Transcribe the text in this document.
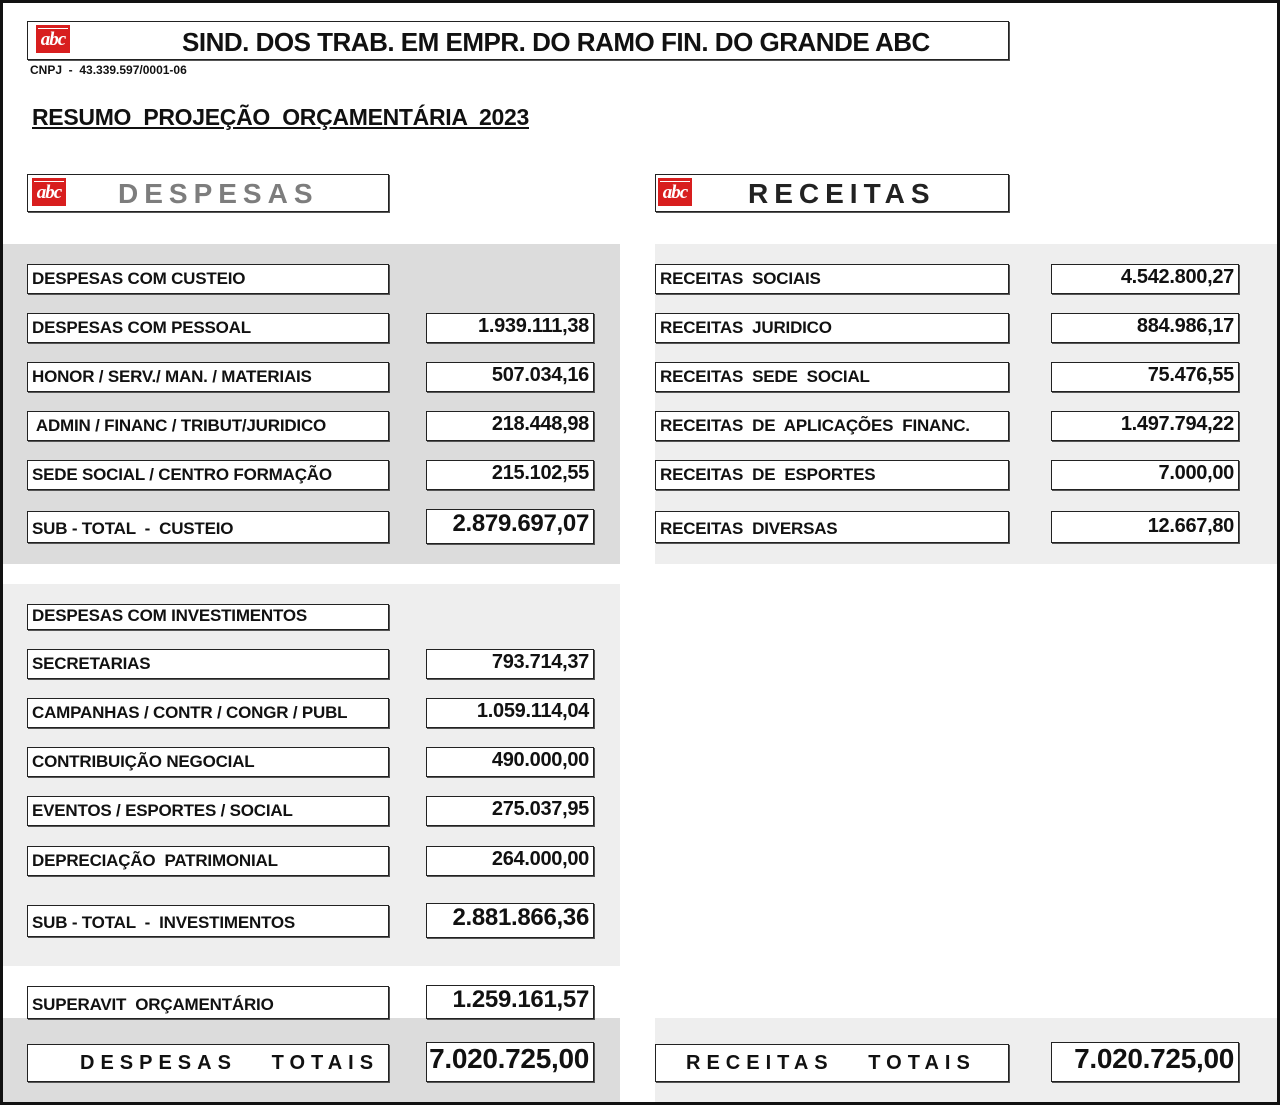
abc	SIND. DOS TRAB. EM EMPR. DO RAMO FIN. DO GRANDE ABC
CNPJ  -  43.339.597/0001-06
RESUMO  PROJEÇÃO  ORÇAMENTÁRIA  2023
abc DESPESAS	abc RECEITAS
DESPESAS COM CUSTEIO
DESPESAS COM PESSOAL	1.939.111,38
HONOR / SERV./ MAN. / MATERIAIS	507.034,16
ADMIN / FINANC / TRIBUT/JURIDICO	218.448,98
SEDE SOCIAL / CENTRO FORMAÇÃO	215.102,55
SUB - TOTAL  -  CUSTEIO	2.879.697,07
DESPESAS COM INVESTIMENTOS
SECRETARIAS	793.714,37
CAMPANHAS / CONTR / CONGR / PUBL	1.059.114,04
CONTRIBUIÇÃO NEGOCIAL	490.000,00
EVENTOS / ESPORTES / SOCIAL	275.037,95
DEPRECIAÇÃO  PATRIMONIAL	264.000,00
SUB - TOTAL  -  INVESTIMENTOS	2.881.866,36
SUPERAVIT  ORÇAMENTÁRIO	1.259.161,57
DESPESAS   TOTAIS 7.020.725,00
RECEITAS  SOCIAIS	4.542.800,27
RECEITAS  JURIDICO	884.986,17
RECEITAS  SEDE  SOCIAL	75.476,55
RECEITAS  DE  APLICAÇÕES  FINANC.	1.497.794,22
RECEITAS  DE  ESPORTES	7.000,00
RECEITAS  DIVERSAS	12.667,80
RECEITAS   TOTAIS	7.020.725,00
